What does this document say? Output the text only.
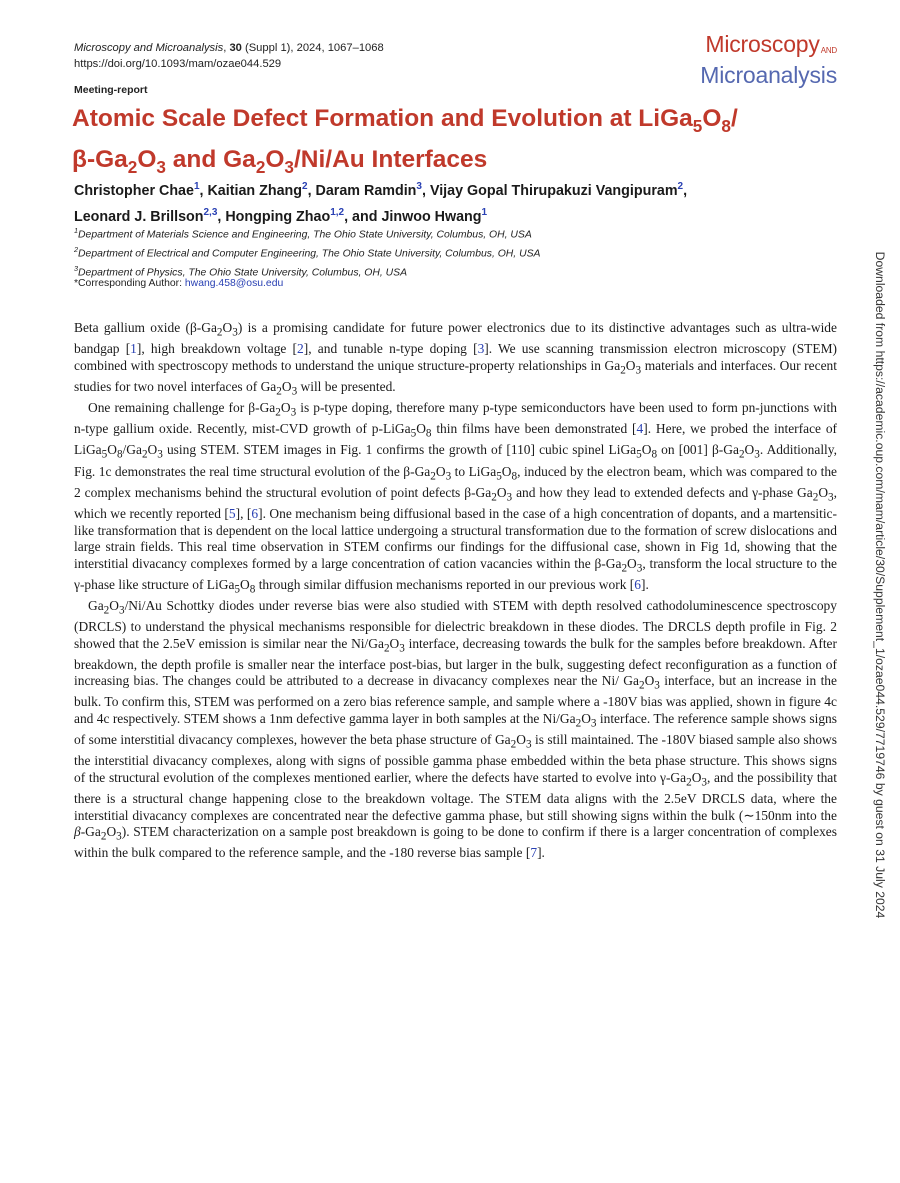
Microscopy and Microanalysis, 30 (Suppl 1), 2024, 1067–1068
https://doi.org/10.1093/mam/ozae044.529
MicroscopyAND
Microanalysis
Meeting-report
Atomic Scale Defect Formation and Evolution at $LiGa_5O_8/$
$\beta-Ga_2O_3$ and $Ga_2O_3/Ni/Au$ Interfaces
Christopher Chae$^1$, Kaitian Zhang$^2$, Daram Ramdin$^3$, Vijay Gopal Thirupakuzi Vangipuram$^2$,
Leonard J. Brillson$^{2,3}$, Hongping Zhao$^{1,2}$, and Jinwoo Hwang$^1$
$^1$Department of Materials Science and Engineering, The Ohio State University, Columbus, OH, USA
$^2$Department of Electrical and Computer Engineering, The Ohio State University, Columbus, OH, USA
$^3$Department of Physics, The Ohio State University, Columbus, OH, USA
*Corresponding Author: hwang.458@osu.edu

Beta gallium oxide $(\beta-Ga_2O_3)$ is a promising candidate for future power electronics due to its distinctive advantages such as ultra-wide bandgap [1], high breakdown voltage [2], and tunable n-type doping [3]. We use scanning transmission electron microscopy (STEM) combined with spectroscopy methods to understand the unique structure-property relationships in $Ga_2O_3$ materials and interfaces. Our recent studies for two novel interfaces of $Ga_2O_3$ will be presented.

One remaining challenge for $\beta-Ga_2O_3$ is p-type doping, therefore many p-type semiconductors have been used to form pn-junctions with n-type gallium oxide. Recently, mist-CVD growth of $p-LiGa_5O_8$ thin films have been demonstrated [4]. Here, we probed the interface of $LiGa_5O_8/Ga_2O_3$ using STEM. STEM images in Fig. 1 confirms the growth of [110] cubic spinel $LiGa_5O_8$ on [001] $\beta-Ga_2O_3$. Additionally, Fig. 1c demonstrates the real time structural evolution of the $\beta-Ga_2O_3$ to $LiGa_5O_8$, induced by the electron beam, which was compared to the 2 complex mechanisms behind the structural evolution of point defects $\beta-Ga_2O_3$ and how they lead to extended defects and γ-phase $Ga_2O_3$, which we recently reported [5], [6]. One mechanism being diffusional based in the case of a high concentration of dopants, and a martensitic-like transformation that is dependent on the local lattice undergoing a structural transformation due to the formation of screw dislocations and large strain fields. This real time observation in STEM confirms our findings for the diffusional case, shown in Fig 1d, showing that the interstitial divacancy complexes formed by a large concentration of cation vacancies within the $\beta-Ga_2O_3$, transform the local structure to the γ-phase like structure of $LiGa_5O_8$ through similar diffusion mechanisms reported in our previous work [6].

$Ga_2O_3/Ni/Au$ Schottky diodes under reverse bias were also studied with STEM with depth resolved cathodoluminescence spectroscopy (DRCLS) to understand the physical mechanisms responsible for dielectric breakdown in these diodes. The DRCLS depth profile in Fig. 2 showed that the 2.5eV emission is similar near the $Ni/Ga_2O_3$ interface, decreasing towards the bulk for the samples before breakdown. After breakdown, the depth profile is smaller near the interface post-bias, but larger in the bulk, suggesting defect reconfiguration as a function of increasing bias. The changes could be attributed to a decrease in divacancy complexes near the Ni/ $Ga_2O_3$ interface, but an increase in the bulk. To confirm this, STEM was performed on a zero bias reference sample, and sample where a -180V bias was applied, shown in figure 4c and 4c respectively. STEM shows a 1nm defective gamma layer in both samples at the $Ni/Ga_2O_3$ interface. The reference sample shows signs of some interstitial divacancy complexes, however the beta phase structure of $Ga_2O_3$ is still maintained. The -180V biased sample also shows the interstitial divacancy complexes, along with signs of possible gamma phase embedded within the beta phase structure. This shows signs of the structural evolution of the complexes mentioned earlier, where the defects have started to evolve into $\gamma-Ga_2O_3$, and the possibility that there is a structural change happening close to the breakdown voltage. The STEM data aligns with the 2.5eV DRCLS data, where the interstitial divacancy complexes are concentrated near the defective gamma phase, but still showing signs within the bulk (∼150nm into the $\beta-Ga_2O_3$). STEM characterization on a sample post breakdown is going to be done to confirm if there is a larger concentration of complexes within the bulk compared to the reference sample, and the -180 reverse bias sample [7].	Downloaded from https://academic.oup.com/mam/article/30/Supplement_1/ozae044.529/7719746 by guest on 31 July 2024
